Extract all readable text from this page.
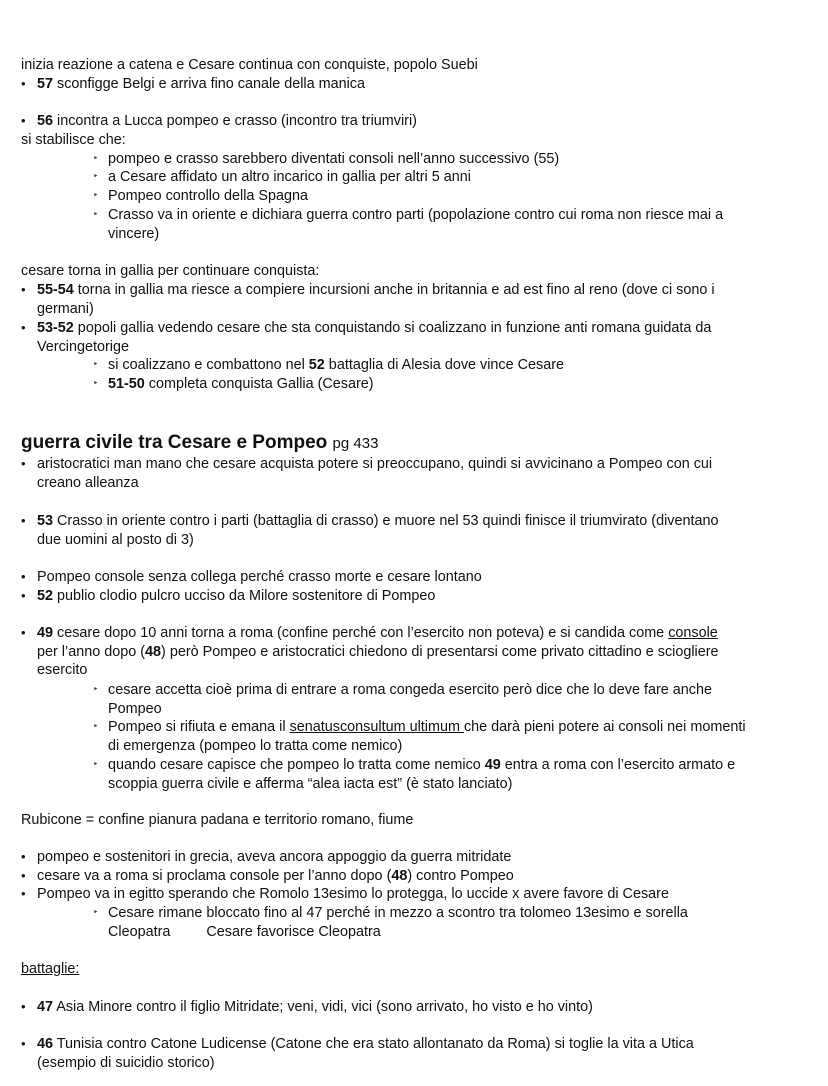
inizia reazione a catena e Cesare continua con conquiste, popolo Suebi
• 57 sconfigge Belgi e arriva fino canale della manica
• 56 incontra a Lucca pompeo e crasso (incontro tra triumviri)
si stabilisce che:
‣ pompeo e crasso sarebbero diventati consoli nell’anno successivo (55)
‣ a Cesare affidato un altro incarico in gallia per altri 5 anni
‣ Pompeo controllo della Spagna
‣ Crasso va in oriente e dichiara guerra contro parti (popolazione contro cui roma non riesce mai a
vincere)
cesare torna in gallia per continuare conquista:
• 55-54 torna in gallia ma riesce a compiere incursioni anche in britannia e ad est fino al reno (dove ci sono i
germani)
• 53-52 popoli gallia vedendo cesare che sta conquistando si coalizzano in funzione anti romana guidata da
Vercingetorige
‣ si coalizzano e combattono nel 52 battaglia di Alesia dove vince Cesare
‣ 51-50 completa conquista Gallia (Cesare)
guerra civile tra Cesare e Pompeo pg 433
• aristocratici man mano che cesare acquista potere si preoccupano, quindi si avvicinano a Pompeo con cui
creano alleanza
• 53 Crasso in oriente contro i parti (battaglia di crasso) e muore nel 53 quindi finisce il triumvirato (diventano
due uomini al posto di 3)
• Pompeo console senza collega perché crasso morte e cesare lontano
• 52 publio clodio pulcro ucciso da Milore sostenitore di Pompeo
• 49 cesare dopo 10 anni torna a roma (confine perché con l’esercito non poteva) e si candida come console
per l’anno dopo (48) però Pompeo e aristocratici chiedono di presentarsi come privato cittadino e sciogliere
esercito
‣ cesare accetta cioè prima di entrare a roma congeda esercito però dice che lo deve fare anche
Pompeo
‣ Pompeo si rifiuta e emana il senatusconsultum ultimum che darà pieni potere ai consoli nei momenti
di emergenza (pompeo lo tratta come nemico)
‣ quando cesare capisce che pompeo lo tratta come nemico 49 entra a roma con l’esercito armato e
scoppia guerra civile e afferma “alea iacta est” (è stato lanciato)
Rubicone = confine pianura padana e territorio romano, fiume
• pompeo e sostenitori in grecia, aveva ancora appoggio da guerra mitridate
• cesare va a roma si proclama console per l’anno dopo (48) contro Pompeo
• Pompeo va in egitto sperando che Romolo 13esimo lo protegga, lo uccide x avere favore di Cesare
‣ Cesare rimane bloccato fino al 47 perché in mezzo a scontro tra tolomeo 13esimo e sorella
Cleopatra	Cesare favorisce Cleopatra
battaglie:
• 47 Asia Minore contro il figlio Mitridate; veni, vidi, vici (sono arrivato, ho visto e ho vinto)
• 46 Tunisia contro Catone Ludicense (Catone che era stato allontanato da Roma) si toglie la vita a Utica
(esempio di suicidio storico)
